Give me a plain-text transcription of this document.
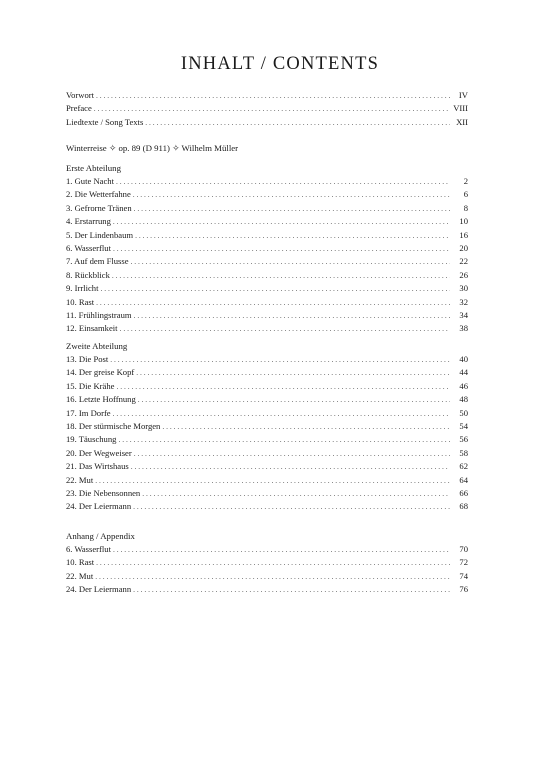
INHALT / CONTENTS
Vorwort . . .	IV
Preface . . .	VIII
Liedtexte / Song Texts . . .	XII
Winterreise ✧ op. 89 (D 911) ✧ Wilhelm Müller
Erste Abteilung
1. Gute Nacht . . .	2
2. Die Wetterfahne . . .	6
3. Gefrorne Tränen . . .	8
4. Erstarrung . . .	10
5. Der Lindenbaum . . .	16
6. Wasserflut . . .	20
7. Auf dem Flusse . . .	22
8. Rückblick . . .	26
9. Irrlicht . . .	30
10. Rast . . .	32
11. Frühlingstraum . . .	34
12. Einsamkeit . . .	38
Zweite Abteilung
13. Die Post . . .	40
14. Der greise Kopf . . .	44
15. Die Krähe . . .	46
16. Letzte Hoffnung . . .	48
17. Im Dorfe . . .	50
18. Der stürmische Morgen . . .	54
19. Täuschung . . .	56
20. Der Wegweiser . . .	58
21. Das Wirtshaus . . .	62
22. Mut . . .	64
23. Die Nebensonnen . . .	66
24. Der Leiermann . . .	68
Anhang / Appendix
6. Wasserflut . . .	70
10. Rast . . .	72
22. Mut . . .	74
24. Der Leiermann . . .	76
